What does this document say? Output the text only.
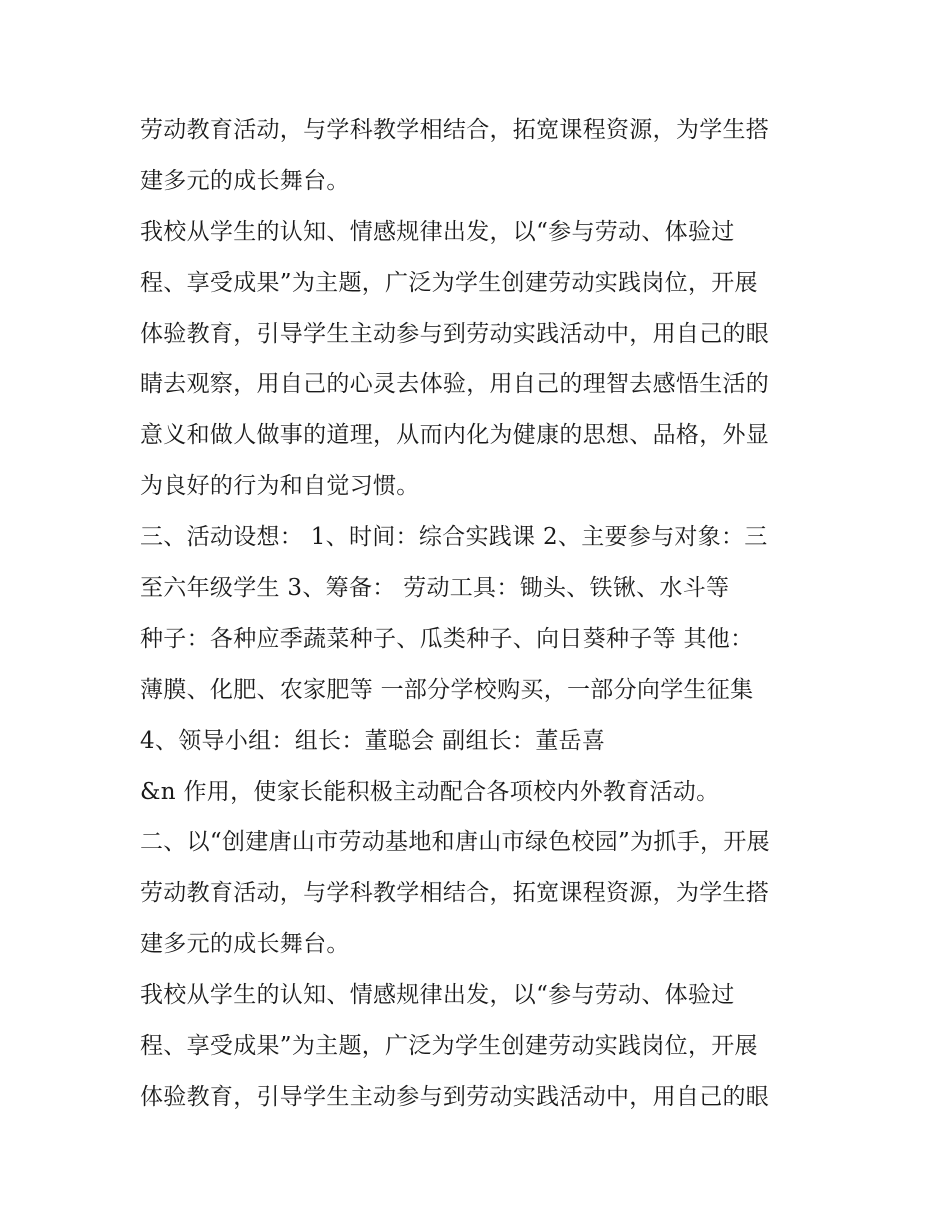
劳动教育活动，与学科教学相结合，拓宽课程资源，为学生搭
建多元的成长舞台。
我校从学生的认知、情感规律出发，以“参与劳动、体验过
程、享受成果”为主题，广泛为学生创建劳动实践岗位，开展
体验教育，引导学生主动参与到劳动实践活动中，用自己的眼
睛去观察，用自己的心灵去体验，用自己的理智去感悟生活的
意义和做人做事的道理，从而内化为健康的思想、品格，外显
为良好的行为和自觉习惯。
三、活动设想： 1、时间：综合实践课 2、主要参与对象：三
至六年级学生 3、筹备： 劳动工具：锄头、铁锹、水斗等
种子：各种应季蔬菜种子、瓜类种子、向日葵种子等 其他：
薄膜、化肥、农家肥等 一部分学校购买，一部分向学生征集
4、领导小组：组长：董聪会 副组长：董岳喜
&n 作用，使家长能积极主动配合各项校内外教育活动。
二、以“创建唐山市劳动基地和唐山市绿色校园”为抓手，开展
劳动教育活动，与学科教学相结合，拓宽课程资源，为学生搭
建多元的成长舞台。
我校从学生的认知、情感规律出发，以“参与劳动、体验过
程、享受成果”为主题，广泛为学生创建劳动实践岗位，开展
体验教育，引导学生主动参与到劳动实践活动中，用自己的眼
